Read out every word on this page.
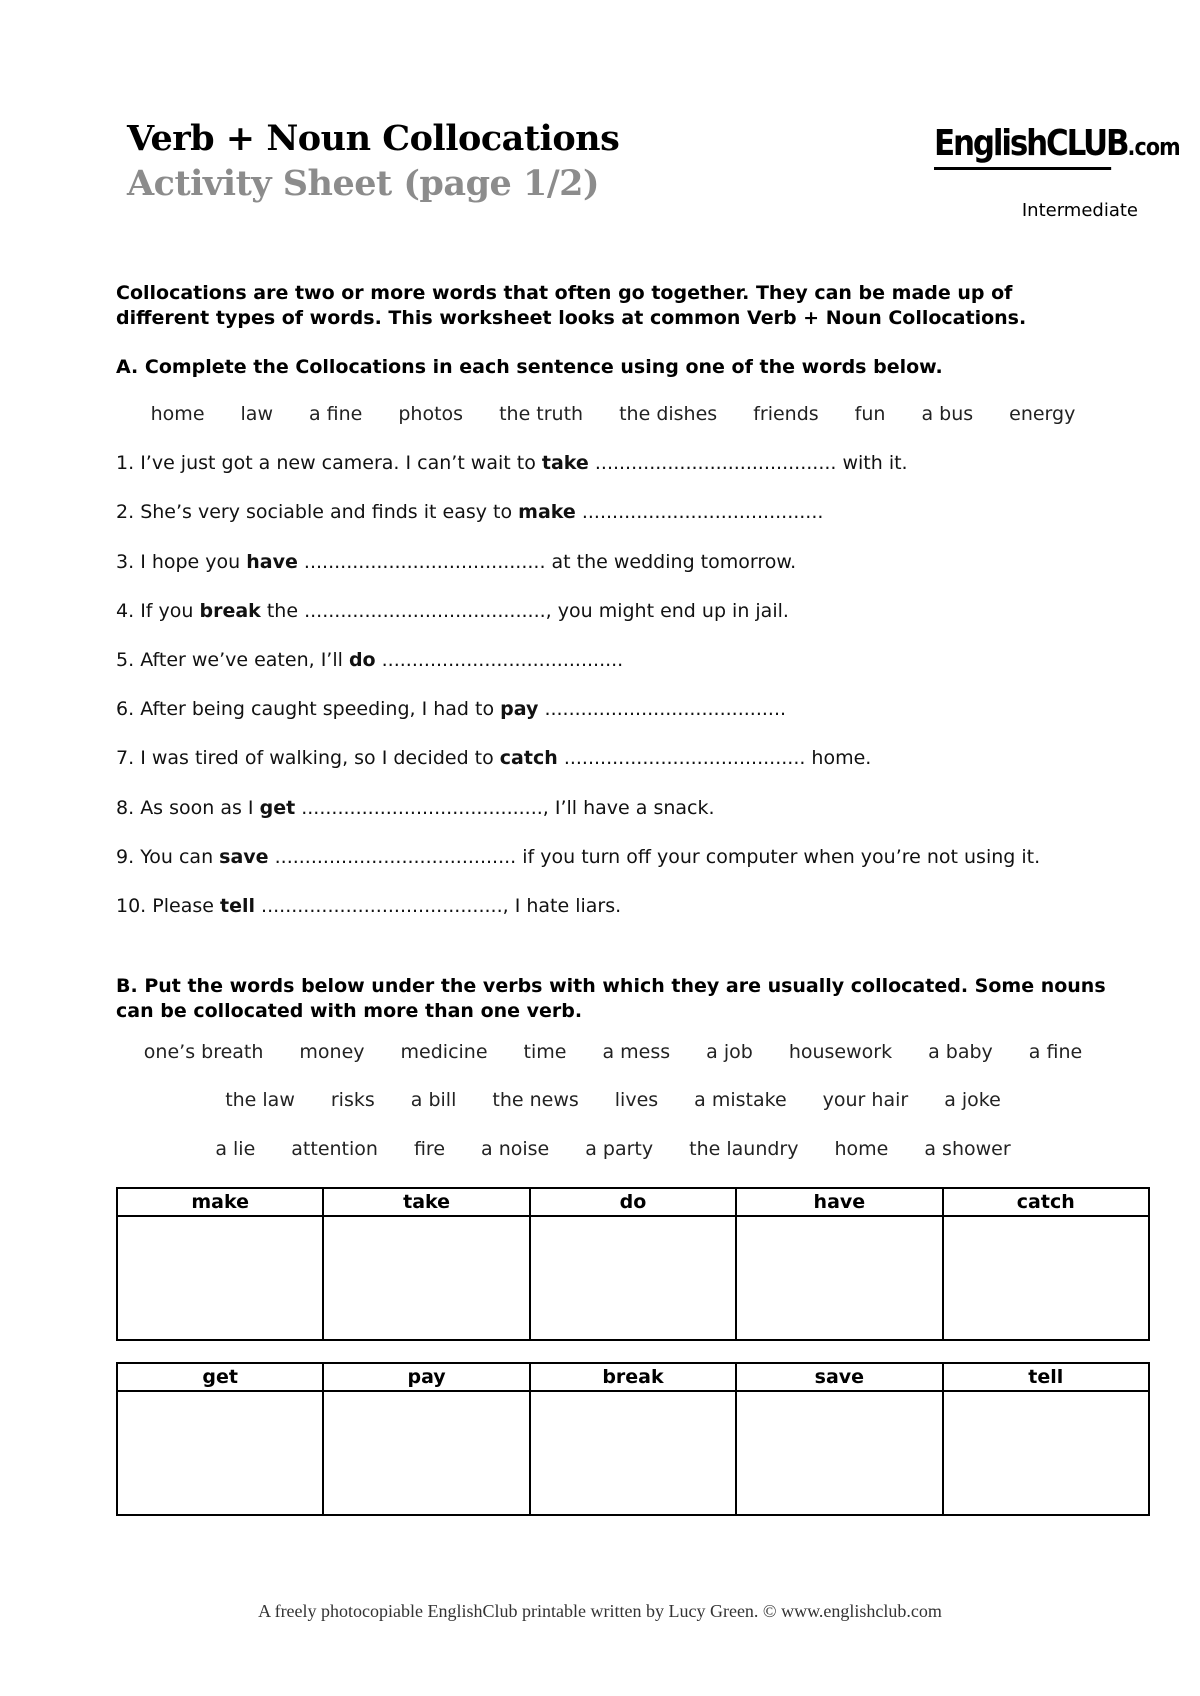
Verb + Noun Collocations
Activity Sheet (page 1/2)
EnglishCLUB.com
Intermediate

Collocations are two or more words that often go together. They can be made up of different types of words. This worksheet looks at common Verb + Noun Collocations.

A. Complete the Collocations in each sentence using one of the words below.

home	law	a fine	photos	the truth	the dishes	friends	fun	a bus	energy
1. I’ve just got a new camera. I can’t wait to take ........................................ with it.
2. She’s very sociable and finds it easy to make ........................................
3. I hope you have ........................................ at the wedding tomorrow.
4. If you break the ........................................, you might end up in jail.
5. After we’ve eaten, I’ll do ........................................
6. After being caught speeding, I had to pay ........................................
7. I was tired of walking, so I decided to catch ........................................ home.
8. As soon as I get ........................................, I’ll have a snack.
9. You can save ........................................ if you turn off your computer when you’re not using it.
10. Please tell ........................................, I hate liars.

B. Put the words below under the verbs with which they are usually collocated. Some nouns can be collocated with more than one verb.

one’s breath	money	medicine	time	a mess	a job	housework	a baby	a fine
the law	risks	a bill	the news	lives	a mistake	your hair	a joke
a lie	attention	fire	a noise	a party	the laundry	home	a shower
make	take	do	have	catch

get	pay	break	save	tell

A freely photocopiable EnglishClub printable written by Lucy Green. © www.englishclub.com
